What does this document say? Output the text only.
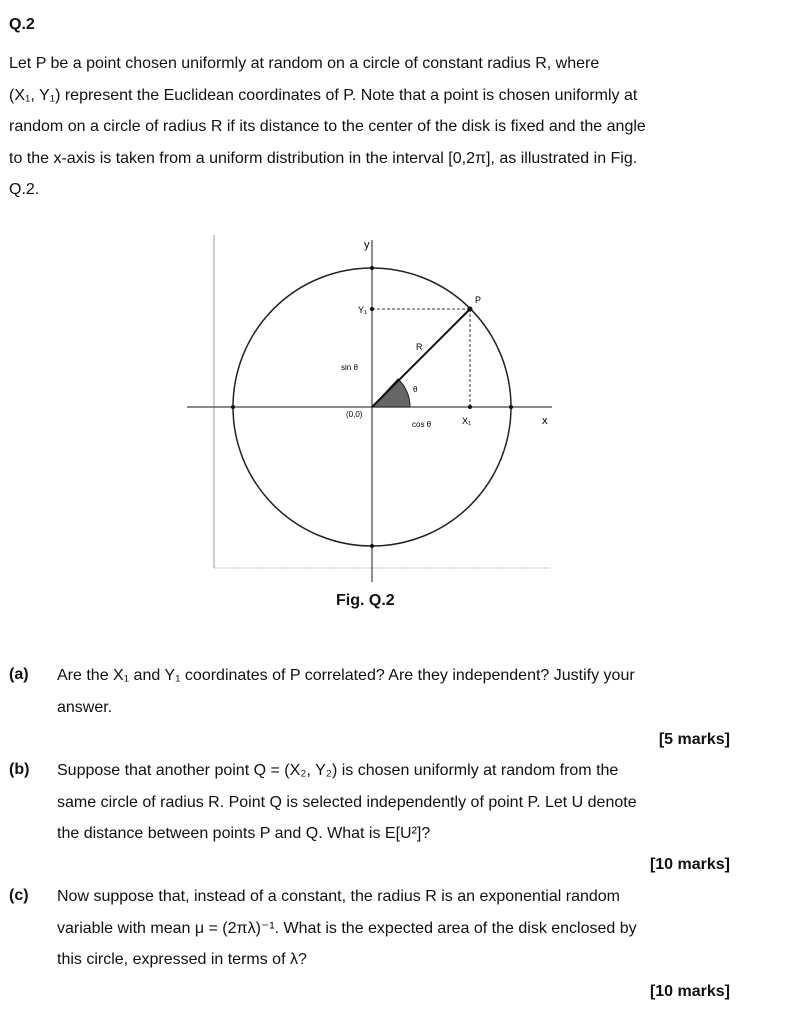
Q.2

Let P be a point chosen uniformly at random on a circle of constant radius R, where

(X₁, Y₁) represent the Euclidean coordinates of P. Note that a point is chosen uniformly at

random on a circle of radius R if its distance to the center of the disk is fixed and the angle

to the x-axis is taken from a uniform distribution in the interval [0,2π], as illustrated in Fig.

Q.2.

y
x
P
Y₁
X₁
R
θ
sin θ
cos θ
(0,0)
Fig. Q.2
(a) Are the X₁ and Y₁ coordinates of P correlated? Are they independent? Justify your

answer.

[5 marks]
(b) Suppose that another point Q = (X₂, Y₂) is chosen uniformly at random from the

same circle of radius R. Point Q is selected independently of point P. Let U denote

the distance between points P and Q. What is E[U²]?

[10 marks]
(c) Now suppose that, instead of a constant, the radius R is an exponential random

variable with mean μ = (2πλ)⁻¹. What is the expected area of the disk enclosed by

this circle, expressed in terms of λ?

[10 marks]
